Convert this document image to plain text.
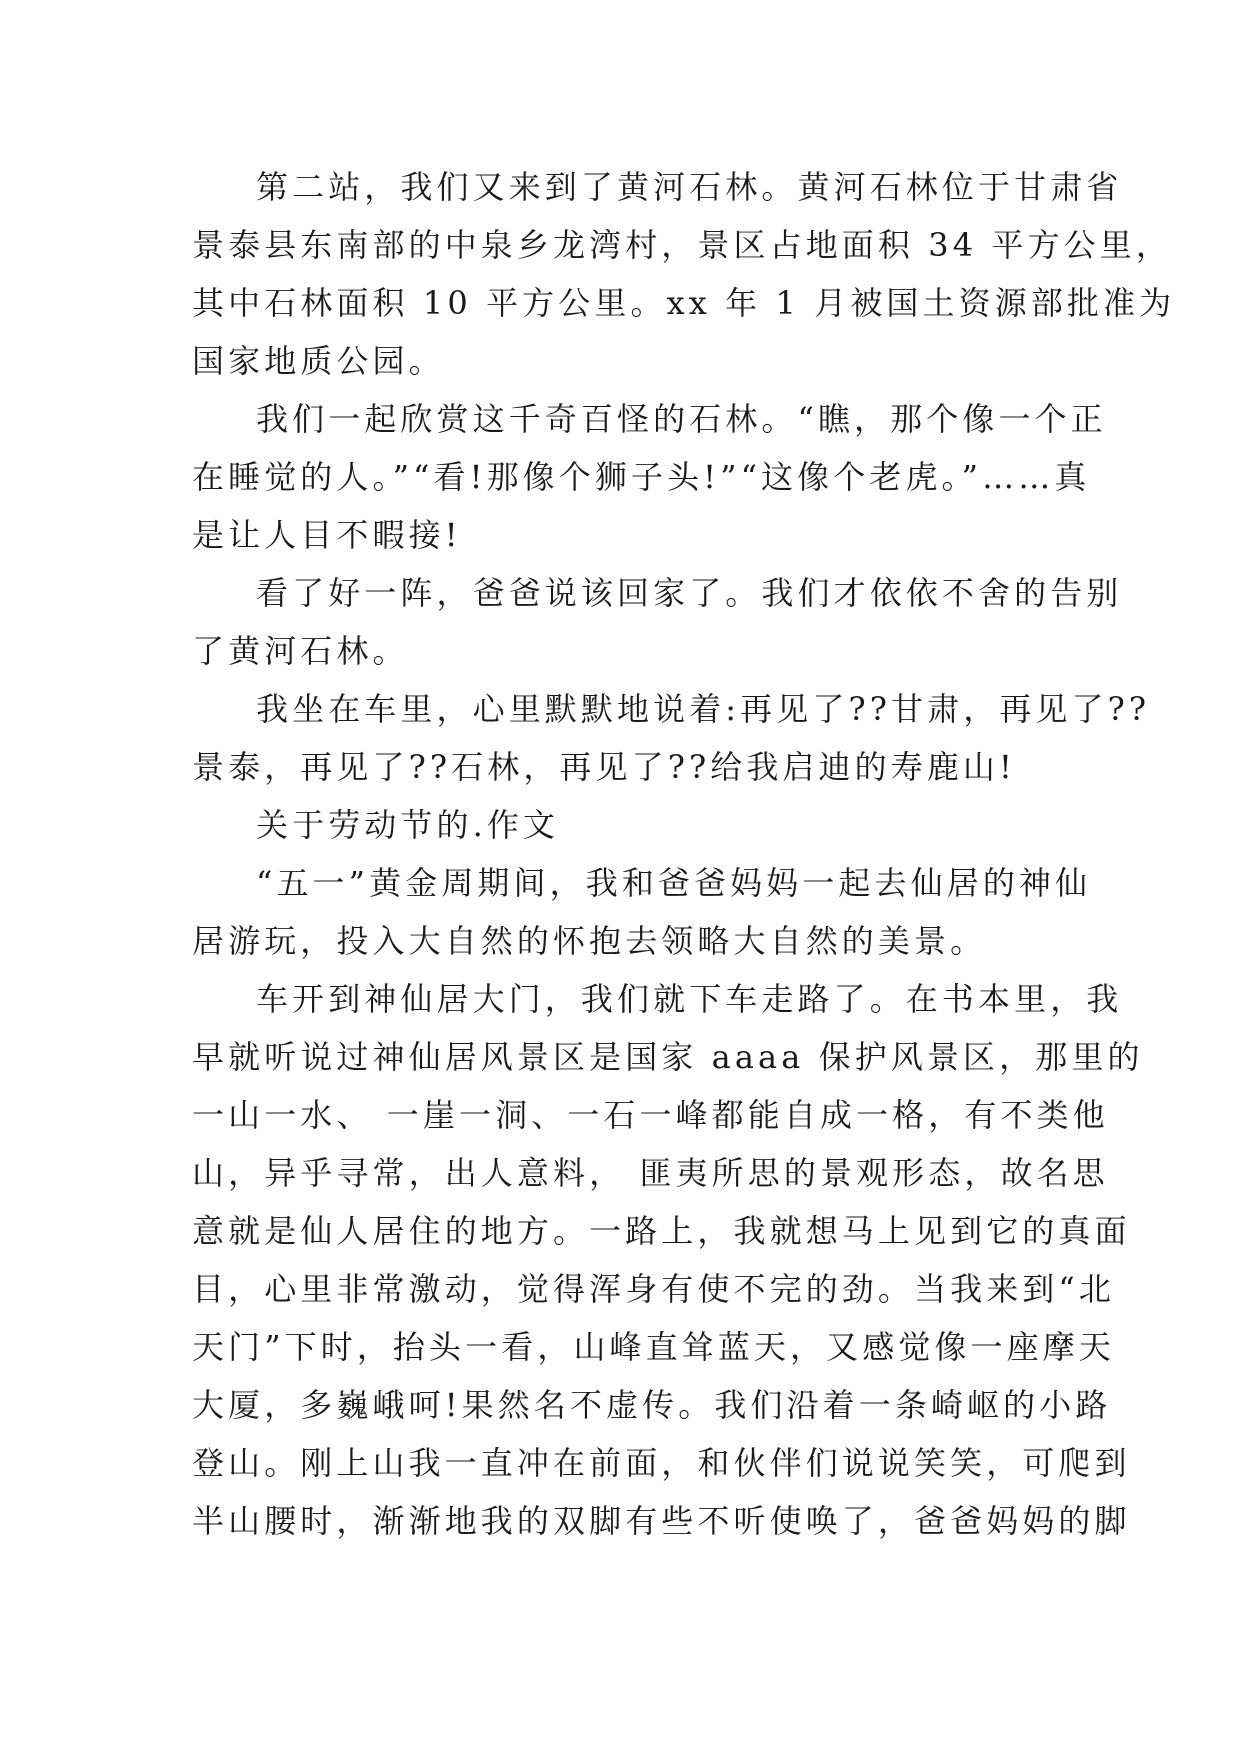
第二站，我们又来到了黄河石林。黄河石林位于甘肃省
景泰县东南部的中泉乡龙湾村，景区占地面积 34 平方公里，
其中石林面积 10 平方公里。xx 年 1 月被国土资源部批准为
国家地质公园。
我们一起欣赏这千奇百怪的石林。“瞧，那个像一个正
在睡觉的人。”“看!那像个狮子头!”“这像个老虎。”……真
是让人目不暇接!
看了好一阵，爸爸说该回家了。我们才依依不舍的告别
了黄河石林。
我坐在车里，心里默默地说着:再见了??甘肃，再见了??
景泰，再见了??石林，再见了??给我启迪的寿鹿山!
关于劳动节的.作文
“五一”黄金周期间，我和爸爸妈妈一起去仙居的神仙
居游玩，投入大自然的怀抱去领略大自然的美景。
车开到神仙居大门，我们就下车走路了。在书本里，我
早就听说过神仙居风景区是国家 aaaa 保护风景区，那里的
一山一水、 一崖一洞、一石一峰都能自成一格，有不类他
山，异乎寻常，出人意料， 匪夷所思的景观形态，故名思
意就是仙人居住的地方。一路上，我就想马上见到它的真面
目，心里非常激动，觉得浑身有使不完的劲。当我来到“北
天门”下时，抬头一看，山峰直耸蓝天，又感觉像一座摩天
大厦，多巍峨呵!果然名不虚传。我们沿着一条崎岖的小路
登山。刚上山我一直冲在前面，和伙伴们说说笑笑，可爬到
半山腰时，渐渐地我的双脚有些不听使唤了，爸爸妈妈的脚
